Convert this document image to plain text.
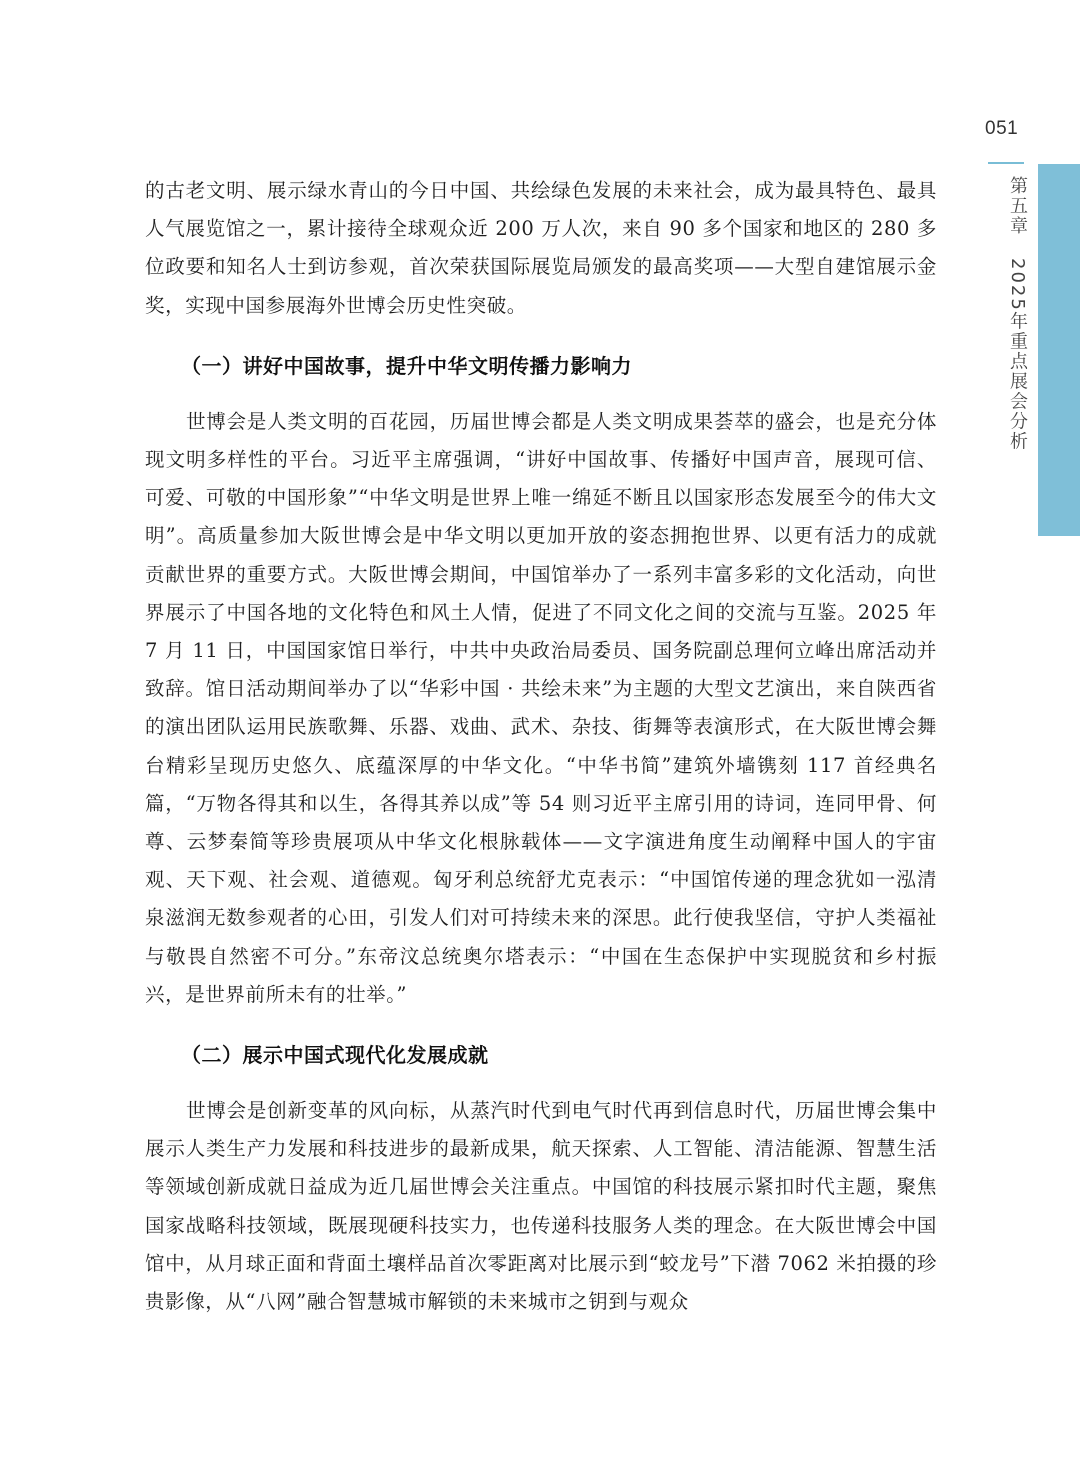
051
第五章2025年重点展会分析

的古老文明、展示绿水青山的今日中国、共绘绿色发展的未来社会，成为最具特色、最具人气展览馆之一，累计接待全球观众近 200 万人次，来自 90 多个国家和地区的 280 多位政要和知名人士到访参观，首次荣获国际展览局颁发的最高奖项——大型自建馆展示金奖，实现中国参展海外世博会历史性突破。

（一）讲好中国故事，提升中华文明传播力影响力

世博会是人类文明的百花园，历届世博会都是人类文明成果荟萃的盛会，也是充分体现文明多样性的平台。习近平主席强调，“讲好中国故事、传播好中国声音，展现可信、可爱、可敬的中国形象”“中华文明是世界上唯一绵延不断且以国家形态发展至今的伟大文明”。高质量参加大阪世博会是中华文明以更加开放的姿态拥抱世界、以更有活力的成就贡献世界的重要方式。大阪世博会期间，中国馆举办了一系列丰富多彩的文化活动，向世界展示了中国各地的文化特色和风土人情，促进了不同文化之间的交流与互鉴。2025 年 7 月 11 日，中国国家馆日举行，中共中央政治局委员、国务院副总理何立峰出席活动并致辞。馆日活动期间举办了以“华彩中国 · 共绘未来”为主题的大型文艺演出，来自陕西省的演出团队运用民族歌舞、乐器、戏曲、武术、杂技、街舞等表演形式，在大阪世博会舞台精彩呈现历史悠久、底蕴深厚的中华文化。“中华书简”建筑外墙镌刻 117 首经典名篇，“万物各得其和以生，各得其养以成”等 54 则习近平主席引用的诗词，连同甲骨、何尊、云梦秦简等珍贵展项从中华文化根脉载体——文字演进角度生动阐释中国人的宇宙观、天下观、社会观、道德观。匈牙利总统舒尤克表示：“中国馆传递的理念犹如一泓清泉滋润无数参观者的心田，引发人们对可持续未来的深思。此行使我坚信，守护人类福祉与敬畏自然密不可分。”东帝汶总统奥尔塔表示：“中国在生态保护中实现脱贫和乡村振兴，是世界前所未有的壮举。”

（二）展示中国式现代化发展成就

世博会是创新变革的风向标，从蒸汽时代到电气时代再到信息时代，历届世博会集中展示人类生产力发展和科技进步的最新成果，航天探索、人工智能、清洁能源、智慧生活等领域创新成就日益成为近几届世博会关注重点。中国馆的科技展示紧扣时代主题，聚焦国家战略科技领域，既展现硬科技实力，也传递科技服务人类的理念。在大阪世博会中国馆中，从月球正面和背面土壤样品首次零距离对比展示到“蛟龙号”下潜 7062 米拍摄的珍贵影像，从“八网”融合智慧城市解锁的未来城市之钥到与观众
